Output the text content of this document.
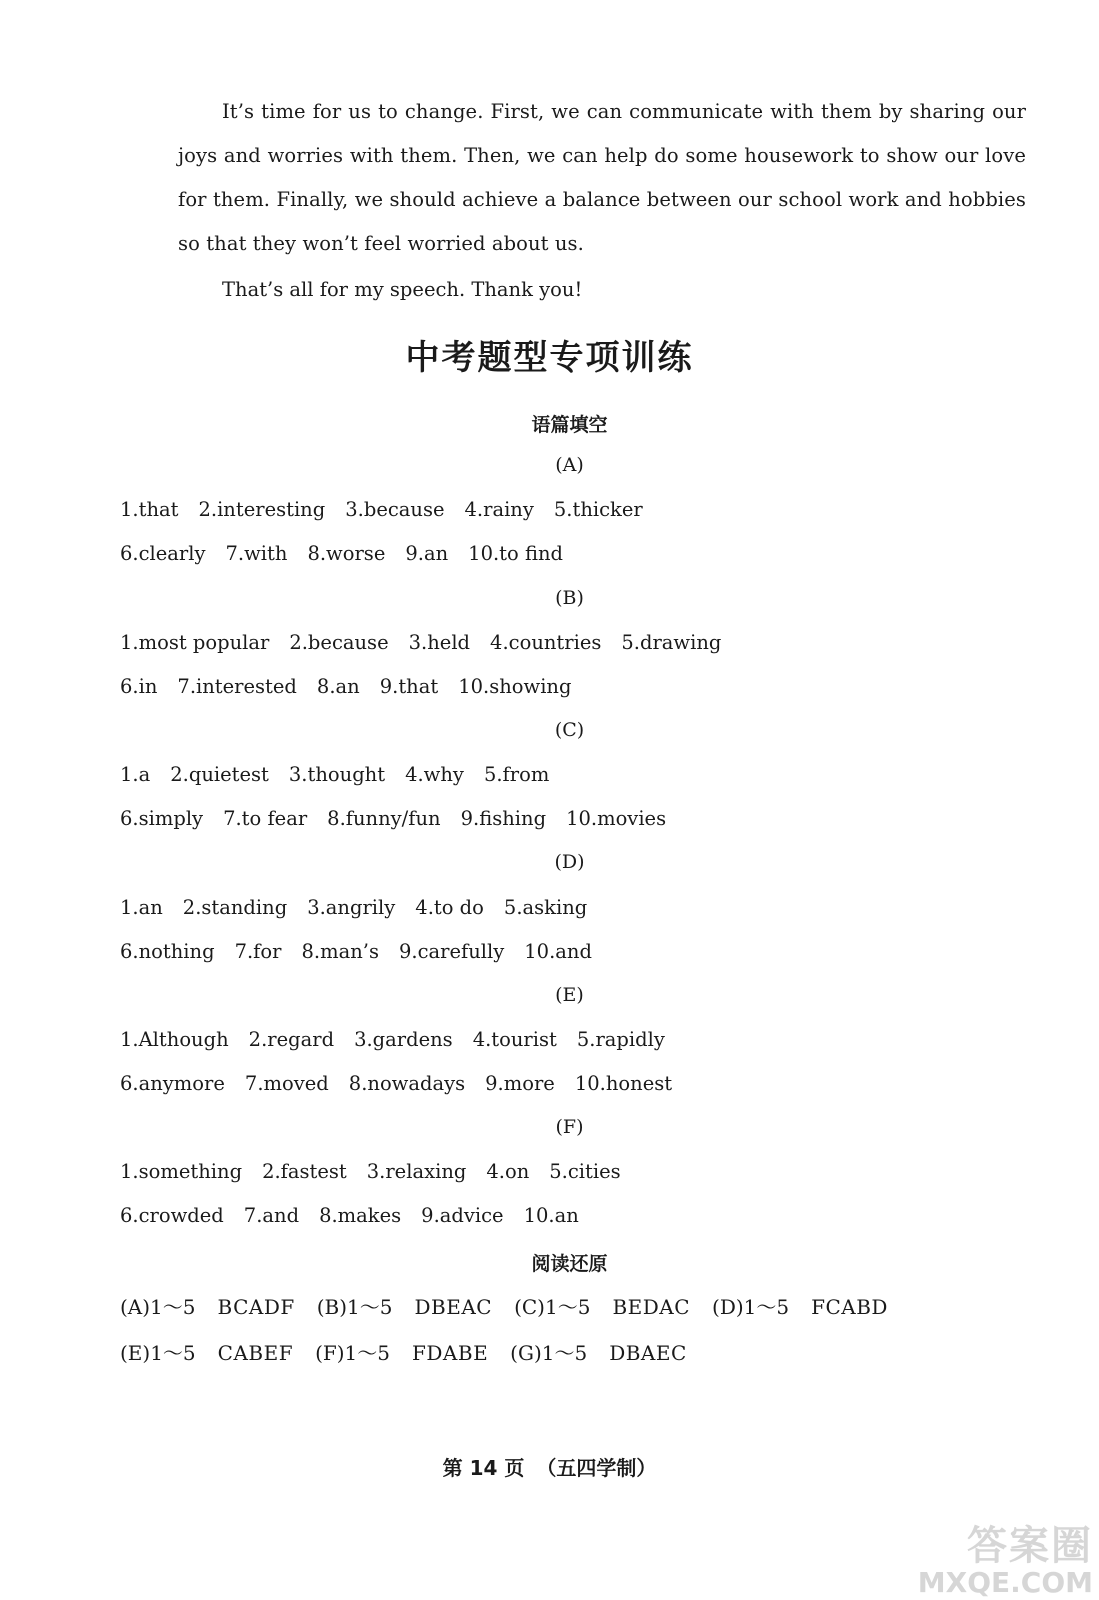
It’s time for us to change. First, we can communicate with them by sharing our joys and worries with them. Then, we can help do some housework to show our love for them. Finally, we should achieve a balance between our school work and hobbies so that they won’t feel worried about us.
That’s all for my speech. Thank you!
中考题型专项训练
语篇填空
(A)
1.that 2.interesting 3.because 4.rainy 5.thicker
6.clearly 7.with 8.worse 9.an 10.to find
(B)
1.most popular 2.because 3.held 4.countries 5.drawing
6.in 7.interested 8.an 9.that 10.showing
(C)
1.a 2.quietest 3.thought 4.why 5.from
6.simply 7.to fear 8.funny/fun 9.fishing 10.movies
(D)
1.an 2.standing 3.angrily 4.to do 5.asking
6.nothing 7.for 8.man’s 9.carefully 10.and
(E)
1.Although 2.regard 3.gardens 4.tourist 5.rapidly
6.anymore 7.moved 8.nowadays 9.more 10.honest
(F)
1.something 2.fastest 3.relaxing 4.on 5.cities
6.crowded 7.and 8.makes 9.advice 10.an
阅读还原
(A)1～5 BCADF (B)1～5 DBEAC (C)1～5 BEDAC (D)1～5 FCABD
(E)1～5 CABEF (F)1～5 FDABE (G)1～5 DBAEC
第 14 页 （五四学制）
答案圈
MXQE.COM
